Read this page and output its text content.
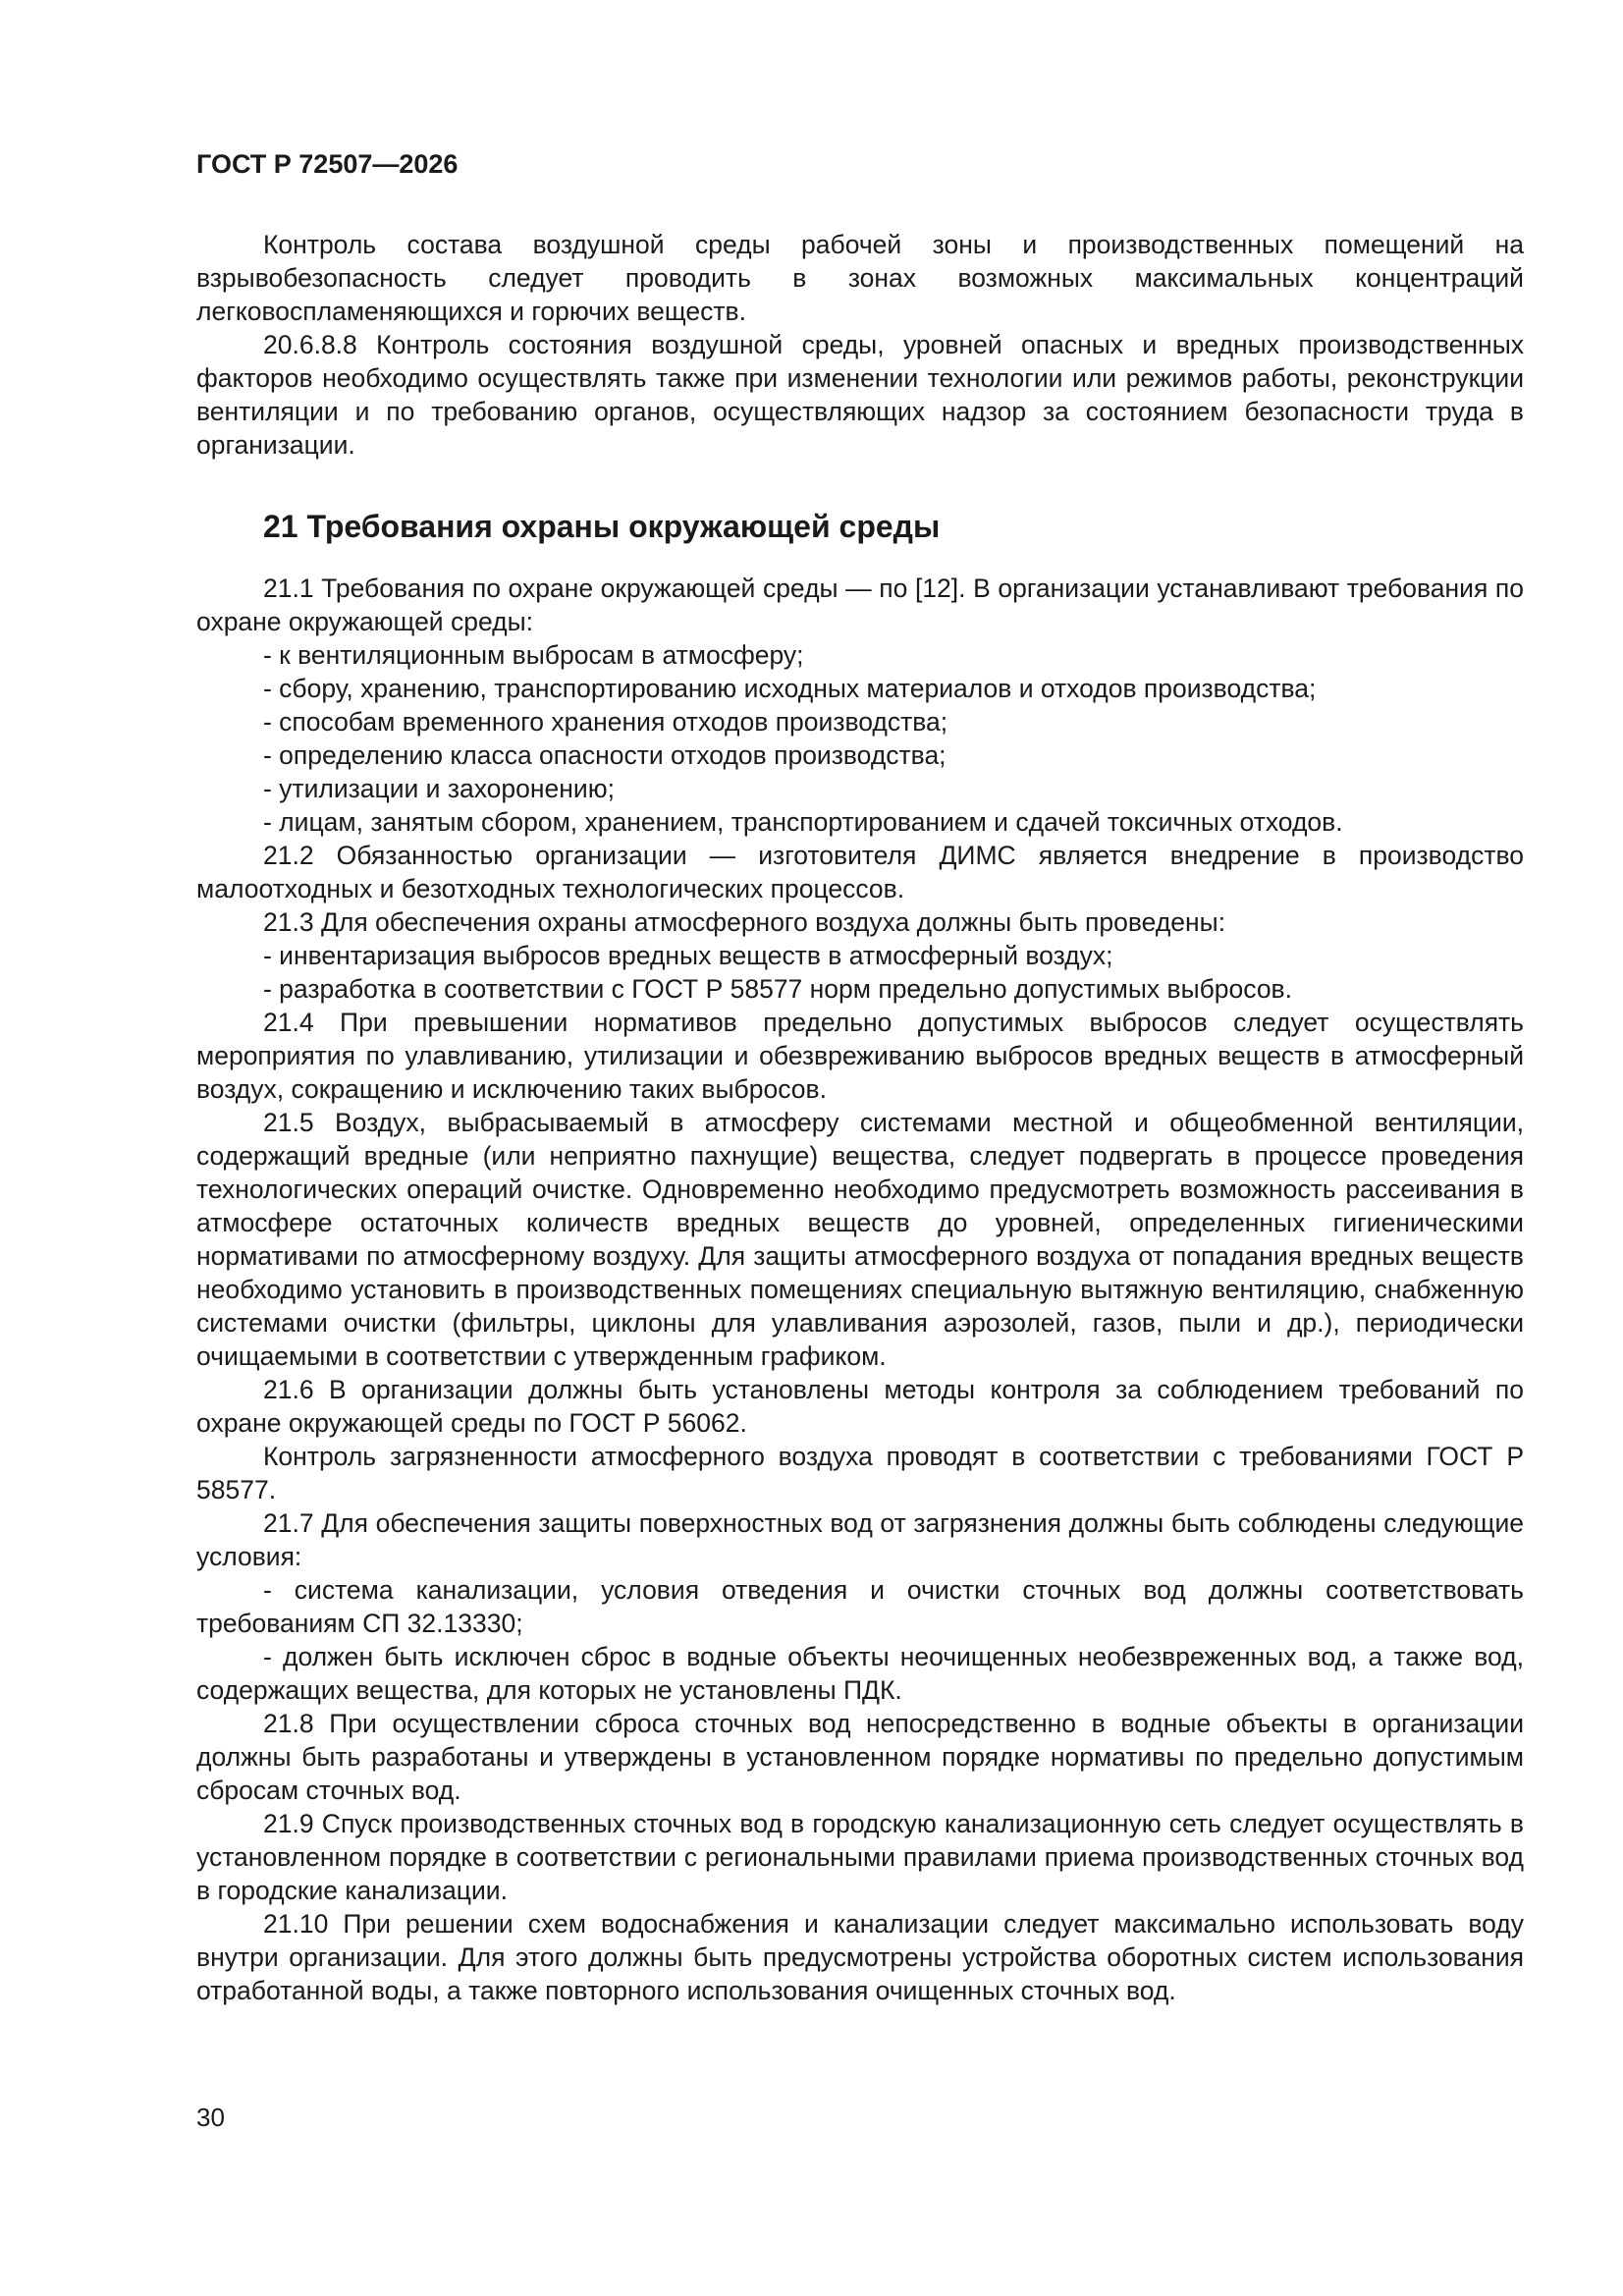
ГОСТ Р 72507—2026

Контроль состава воздушной среды рабочей зоны и производственных помещений на взрывобезопасность следует проводить в зонах возможных максимальных концентраций легковоспламеняющихся и горючих веществ.

20.6.8.8 Контроль состояния воздушной среды, уровней опасных и вредных производственных факторов необходимо осуществлять также при изменении технологии или режимов работы, реконструкции вентиляции и по требованию органов, осуществляющих надзор за состоянием безопасности труда в организации.

21 Требования охраны окружающей среды

21.1 Требования по охране окружающей среды — по [12]. В организации устанавливают требования по охране окружающей среды:

- к вентиляционным выбросам в атмосферу;

- сбору, хранению, транспортированию исходных материалов и отходов производства;

- способам временного хранения отходов производства;

- определению класса опасности отходов производства;

- утилизации и захоронению;

- лицам, занятым сбором, хранением, транспортированием и сдачей токсичных отходов.

21.2 Обязанностью организации — изготовителя ДИМС является внедрение в производство малоотходных и безотходных технологических процессов.

21.3 Для обеспечения охраны атмосферного воздуха должны быть проведены:

- инвентаризация выбросов вредных веществ в атмосферный воздух;

- разработка в соответствии с ГОСТ Р 58577 норм предельно допустимых выбросов.

21.4 При превышении нормативов предельно допустимых выбросов следует осуществлять мероприятия по улавливанию, утилизации и обезвреживанию выбросов вредных веществ в атмосферный воздух, сокращению и исключению таких выбросов.

21.5 Воздух, выбрасываемый в атмосферу системами местной и общеобменной вентиляции, содержащий вредные (или неприятно пахнущие) вещества, следует подвергать в процессе проведения технологических операций очистке. Одновременно необходимо предусмотреть возможность рассеивания в атмосфере остаточных количеств вредных веществ до уровней, определенных гигиеническими нормативами по атмосферному воздуху. Для защиты атмосферного воздуха от попадания вредных веществ необходимо установить в производственных помещениях специальную вытяжную вентиляцию, снабженную системами очистки (фильтры, циклоны для улавливания аэрозолей, газов, пыли и др.), периодически очищаемыми в соответствии с утвержденным графиком.

21.6 В организации должны быть установлены методы контроля за соблюдением требований по охране окружающей среды по ГОСТ Р 56062.

Контроль загрязненности атмосферного воздуха проводят в соответствии с требованиями ГОСТ Р 58577.

21.7 Для обеспечения защиты поверхностных вод от загрязнения должны быть соблюдены следующие условия:

- система канализации, условия отведения и очистки сточных вод должны соответствовать требованиям СП 32.13330;

- должен быть исключен сброс в водные объекты неочищенных необезвреженных вод, а также вод, содержащих вещества, для которых не установлены ПДК.

21.8 При осуществлении сброса сточных вод непосредственно в водные объекты в организации должны быть разработаны и утверждены в установленном порядке нормативы по предельно допустимым сбросам сточных вод.

21.9 Спуск производственных сточных вод в городскую канализационную сеть следует осуществлять в установленном порядке в соответствии с региональными правилами приема производственных сточных вод в городские канализации.

21.10 При решении схем водоснабжения и канализации следует максимально использовать воду внутри организации. Для этого должны быть предусмотрены устройства оборотных систем использования отработанной воды, а также повторного использования очищенных сточных вод.

30
